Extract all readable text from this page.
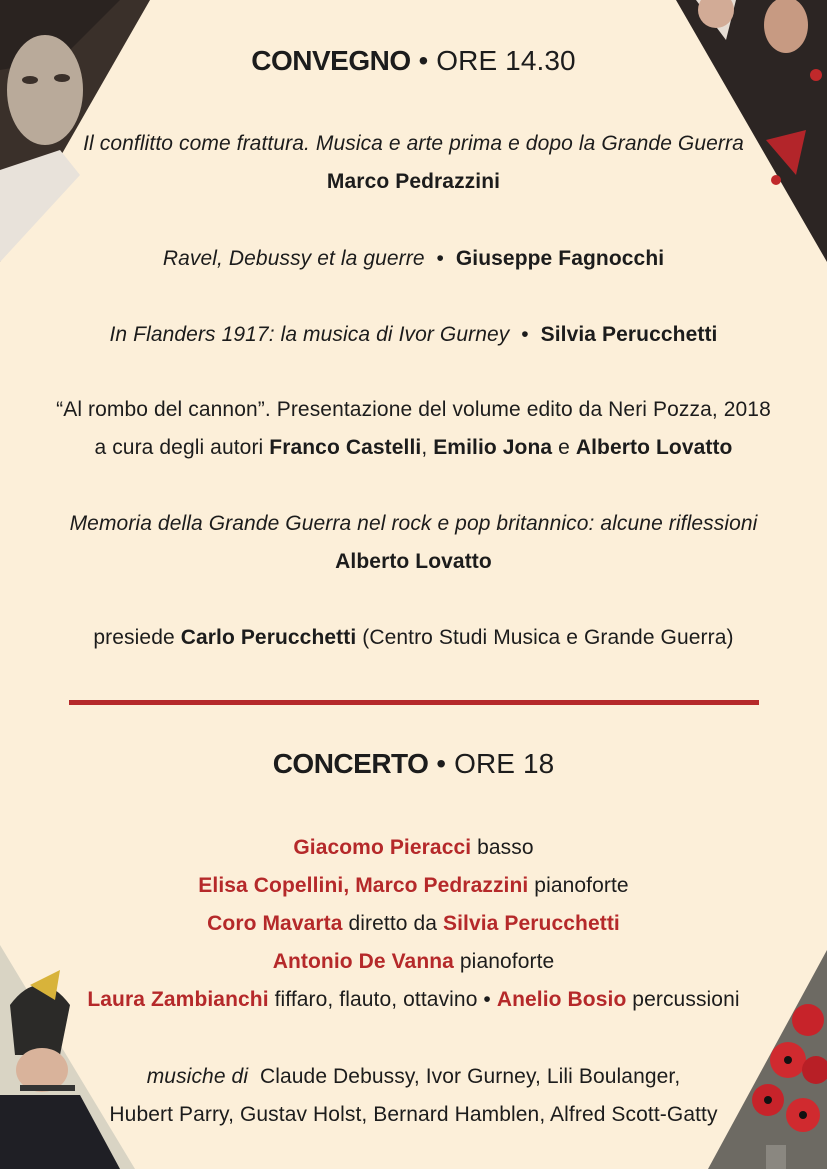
CONVEGNO • ORE 14.30
Il conflitto come frattura. Musica e arte prima e dopo la Grande Guerra
Marco Pedrazzini
Ravel, Debussy et la guerre  •  Giuseppe Fagnocchi
In Flanders 1917: la musica di Ivor Gurney  •  Silvia Perucchetti
“Al rombo del cannon”. Presentazione del volume edito da Neri Pozza, 2018
a cura degli autori Franco Castelli, Emilio Jona e Alberto Lovatto
Memoria della Grande Guerra nel rock e pop britannico: alcune riflessioni
Alberto Lovatto
presiede Carlo Perucchetti (Centro Studi Musica e Grande Guerra)
CONCERTO • ORE 18
Giacomo Pieracci basso
Elisa Copellini, Marco Pedrazzini pianoforte
Coro Mavarta diretto da Silvia Perucchetti
Antonio De Vanna pianoforte
Laura Zambianchi fiffaro, flauto, ottavino • Anelio Bosio percussioni
musiche di  Claude Debussy, Ivor Gurney, Lili Boulanger,
Hubert Parry, Gustav Holst, Bernard Hamblen, Alfred Scott-Gatty
